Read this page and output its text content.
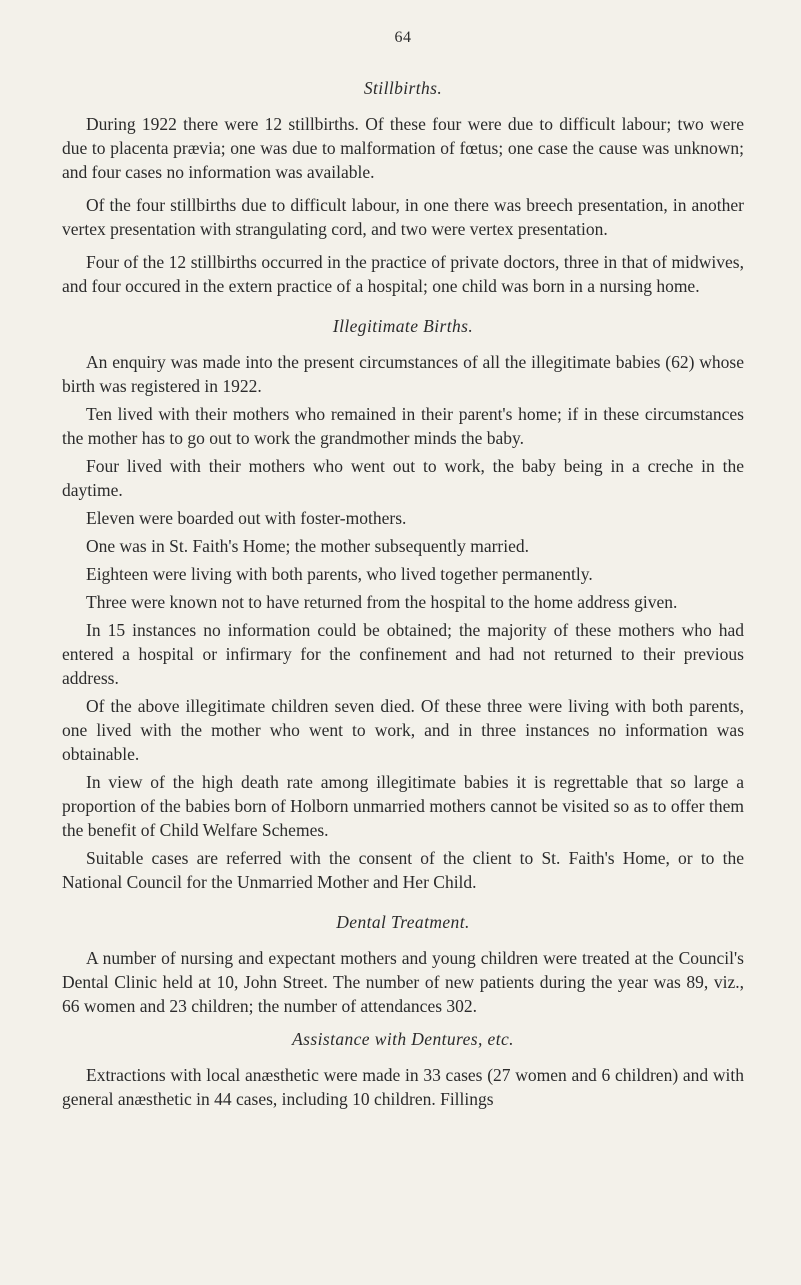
64
Stillbirths.

During 1922 there were 12 stillbirths. Of these four were due to difficult labour; two were due to placenta prævia; one was due to malformation of fœtus; one case the cause was unknown; and four cases no information was available.

Of the four stillbirths due to difficult labour, in one there was breech presentation, in another vertex presentation with strangulating cord, and two were vertex presentation.

Four of the 12 stillbirths occurred in the practice of private doctors, three in that of midwives, and four occured in the extern practice of a hospital; one child was born in a nursing home.

Illegitimate Births.

An enquiry was made into the present circumstances of all the illegitimate babies (62) whose birth was registered in 1922.

Ten lived with their mothers who remained in their parent's home; if in these circumstances the mother has to go out to work the grandmother minds the baby.

Four lived with their mothers who went out to work, the baby being in a creche in the daytime.

Eleven were boarded out with foster-mothers.

One was in St. Faith's Home; the mother subsequently married.

Eighteen were living with both parents, who lived together permanently.

Three were known not to have returned from the hospital to the home address given.

In 15 instances no information could be obtained; the majority of these mothers who had entered a hospital or infirmary for the confinement and had not returned to their previous address.

Of the above illegitimate children seven died. Of these three were living with both parents, one lived with the mother who went to work, and in three instances no information was obtainable.

In view of the high death rate among illegitimate babies it is regrettable that so large a proportion of the babies born of Holborn unmarried mothers cannot be visited so as to offer them the benefit of Child Welfare Schemes.

Suitable cases are referred with the consent of the client to St. Faith's Home, or to the National Council for the Unmarried Mother and Her Child.

Dental Treatment.

A number of nursing and expectant mothers and young children were treated at the Council's Dental Clinic held at 10, John Street. The number of new patients during the year was 89, viz., 66 women and 23 children; the number of attendances 302.

Assistance with Dentures, etc.

Extractions with local anæsthetic were made in 33 cases (27 women and 6 children) and with general anæsthetic in 44 cases, including 10 children. Fillings
